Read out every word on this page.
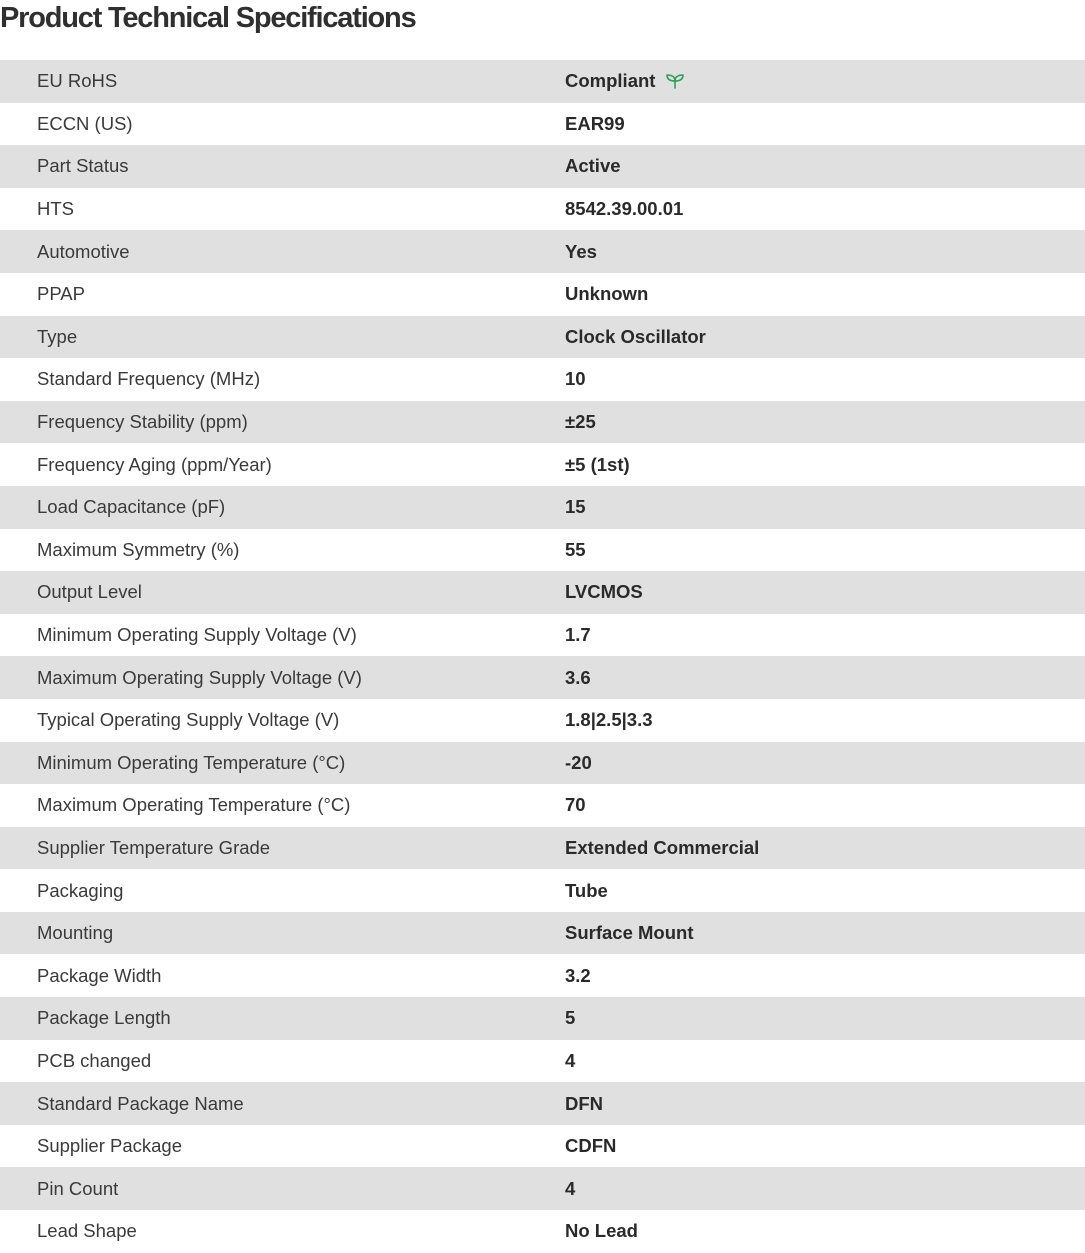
Product Technical Specifications
EU RoHS	Compliant
ECCN (US)	EAR99
Part Status	Active
HTS	8542.39.00.01
Automotive	Yes
PPAP	Unknown
Type	Clock Oscillator
Standard Frequency (MHz)	10
Frequency Stability (ppm)	±25
Frequency Aging (ppm/Year)	±5 (1st)
Load Capacitance (pF)	15
Maximum Symmetry (%)	55
Output Level	LVCMOS
Minimum Operating Supply Voltage (V)	1.7
Maximum Operating Supply Voltage (V)	3.6
Typical Operating Supply Voltage (V)	1.8|2.5|3.3
Minimum Operating Temperature (°C)	-20
Maximum Operating Temperature (°C)	70
Supplier Temperature Grade	Extended Commercial
Packaging	Tube
Mounting	Surface Mount
Package Width	3.2
Package Length	5
PCB changed	4
Standard Package Name	DFN
Supplier Package	CDFN
Pin Count	4
Lead Shape	No Lead
